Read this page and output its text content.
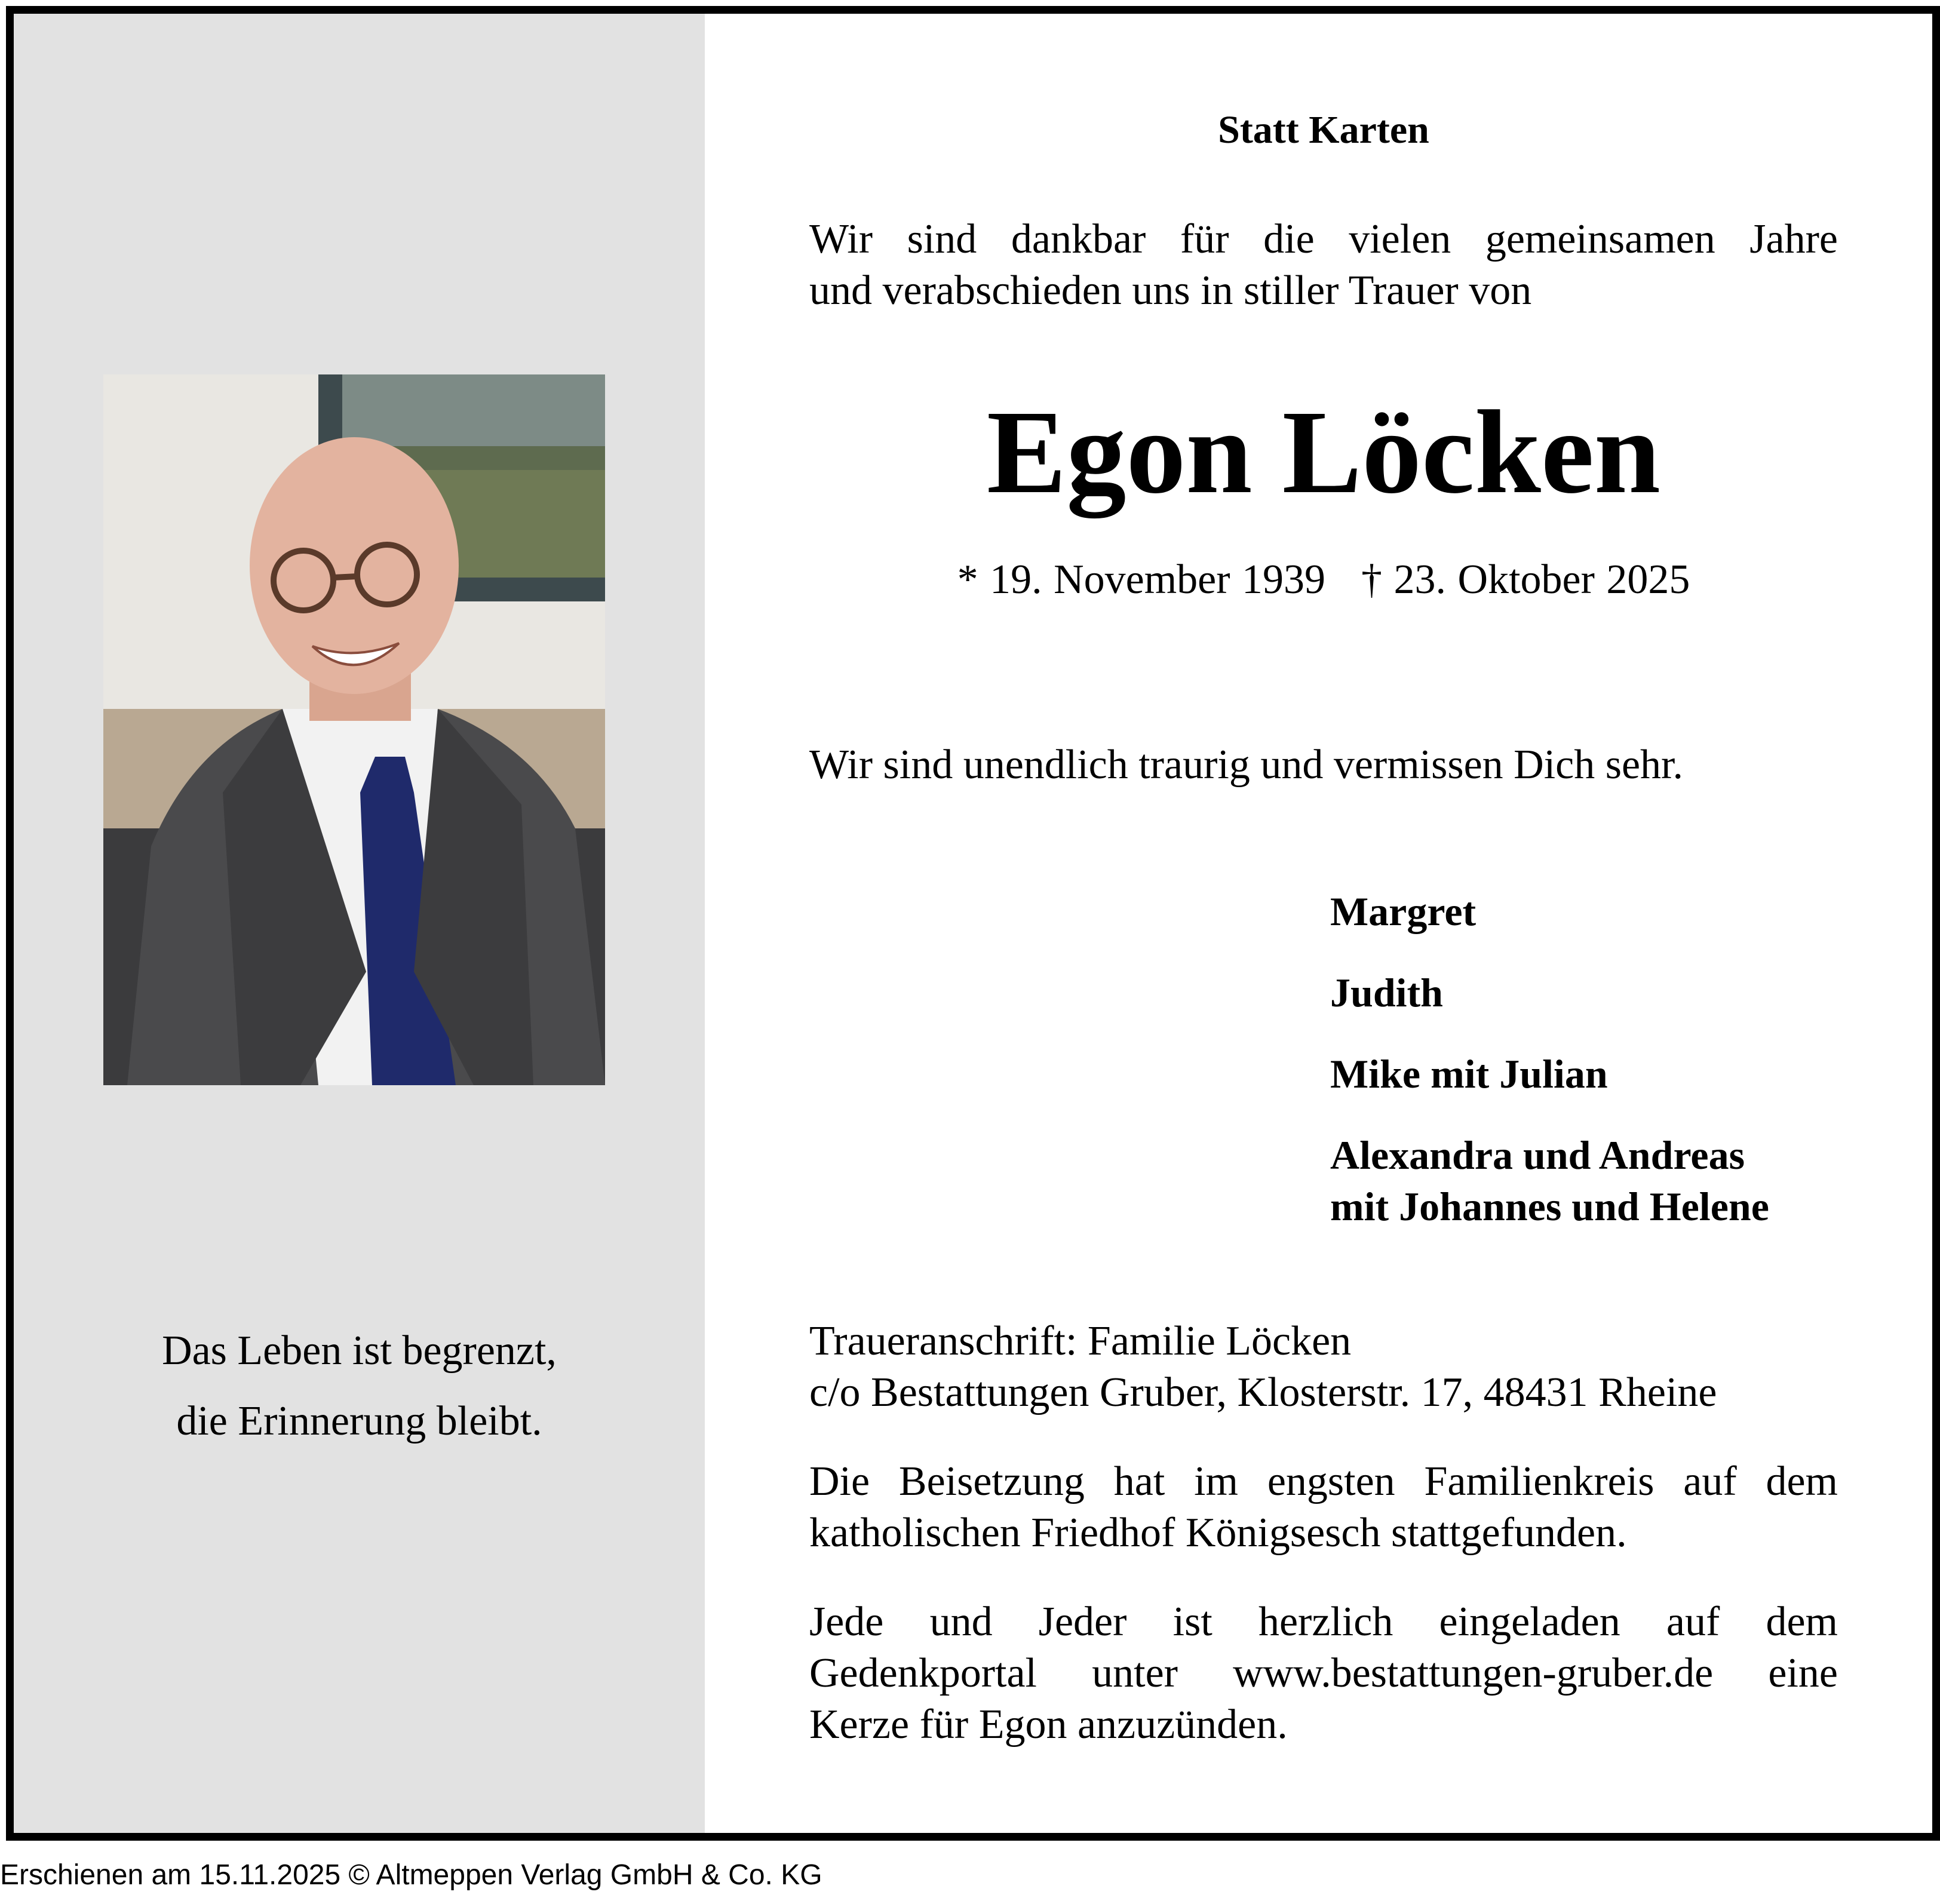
Das Leben ist begrenzt,
die Erinnerung bleibt.
Statt Karten
Wir sind dankbar für die vielen gemeinsamen Jahre
und verabschieden uns in stiller Trauer von
Egon Löcken
* 19. November 1939 † 23. Oktober 2025
Wir sind unendlich traurig und vermissen Dich sehr.
Margret
Judith
Mike mit Julian
Alexandra und Andreas
mit Johannes und Helene
Traueranschrift: Familie Löcken
c/o Bestattungen Gruber, Klosterstr. 17, 48431 Rheine
Die Beisetzung hat im engsten Familienkreis auf dem
katholischen Friedhof Königsesch stattgefunden.
Jede und Jeder ist herzlich eingeladen auf dem
Gedenkportal unter www.bestattungen-gruber.de eine
Kerze für Egon anzuzünden.
Erschienen am 15.11.2025 © Altmeppen Verlag GmbH & Co. KG
